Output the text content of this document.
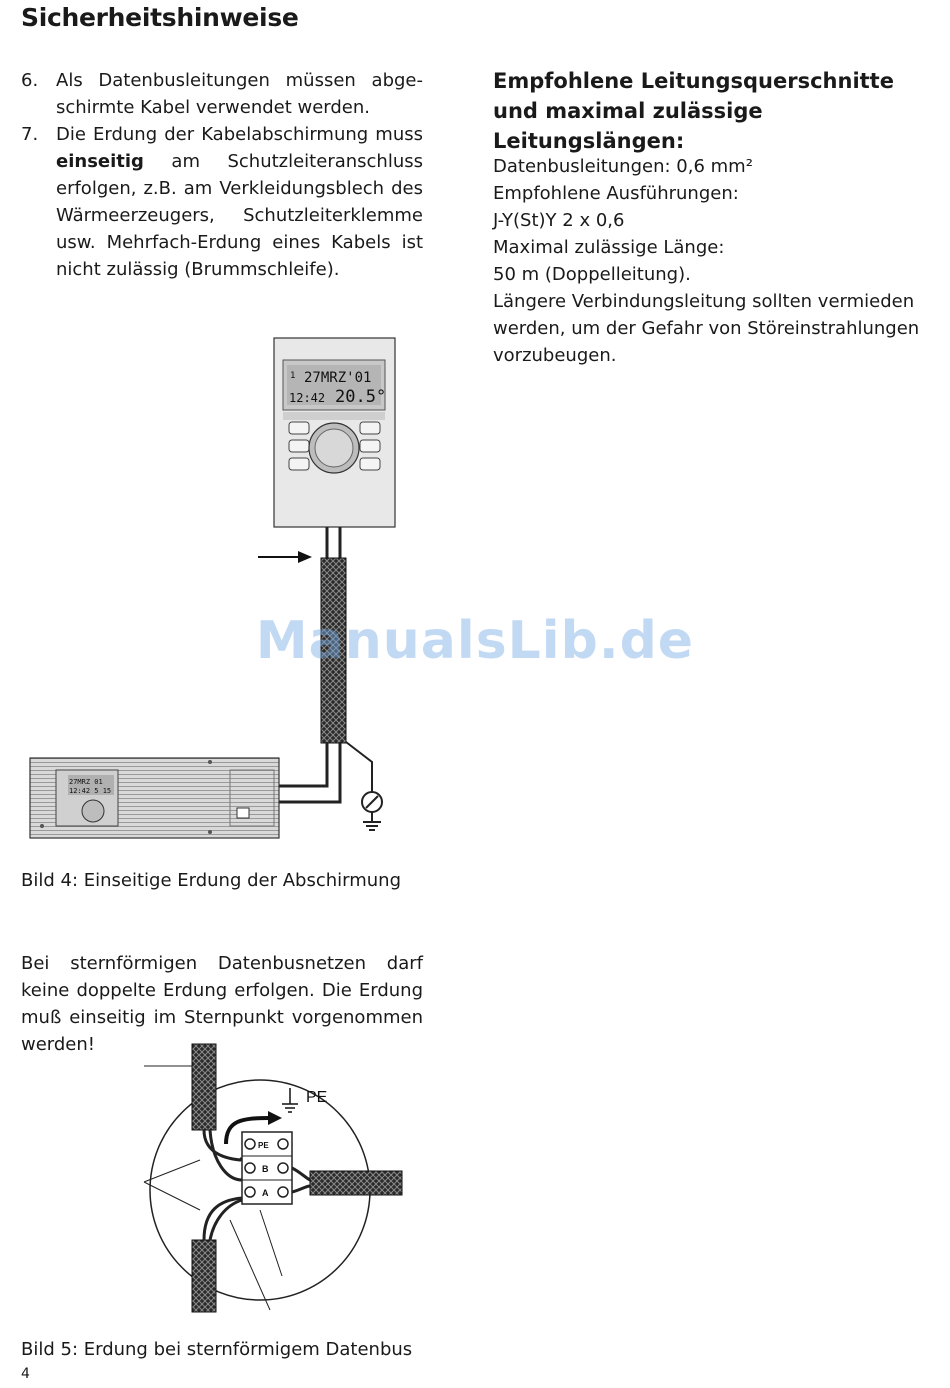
Sicherheitshinweise
6. Als Datenbusleitungen müssen abgeschirmte Kabel verwendet werden.
7. Die Erdung der Kabelabschirmung muss einseitig am Schutzleiteranschluss erfolgen, z.B. am Verkleidungsblech des Wärmeerzeugers, Schutzleiterklemme usw. Mehrfach-Erdung eines Kabels ist nicht zulässig (Brummschleife).
Empfohlene Leitungsquerschnitte und maximal zulässige Leitungslängen:
Datenbusleitungen: 0,6 mm²
Empfohlene Ausführungen:
J-Y(St)Y 2 x 0,6
Maximal zulässige Länge:
50 m (Doppelleitung).
Längere Verbindungsleitung sollten vermieden
werden, um der Gefahr von Störeinstrahlungen
vorzubeugen.
1 27MRZ'01
12:42 20.5°
27MRZ 01
12:42 5 15
Bild 4: Einseitige Erdung der Abschirmung
ManualsLib.de
Bei sternförmigen Datenbusnetzen darf keine doppelte Erdung erfolgen. Die Erdung muß einseitig im Sternpunkt vorgenommen werden!
PE
B
A
PE
Bild 5: Erdung bei sternförmigem Datenbus
4
